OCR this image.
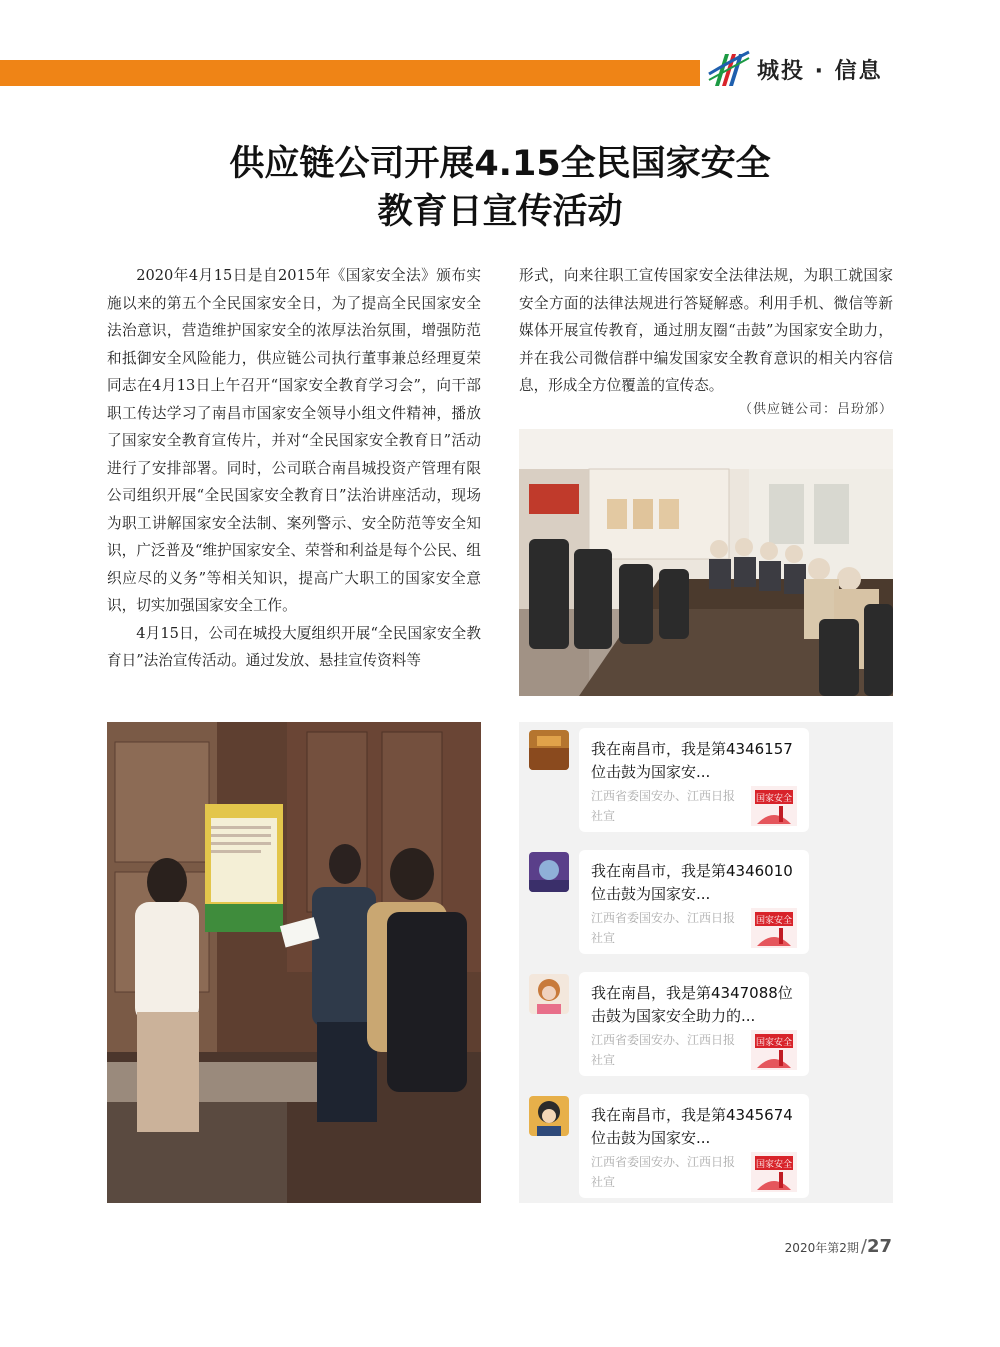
城投 · 信息
供应链公司开展4.15全民国家安全
教育日宣传活动

2020年4月15日是自2015年《国家安全法》颁布实施以来的第五个全民国家安全日，为了提高全民国家安全法治意识，营造维护国家安全的浓厚法治氛围，增强防范和抵御安全风险能力，供应链公司执行董事兼总经理夏荣同志在4月13日上午召开“国家安全教育学习会”，向干部职工传达学习了南昌市国家安全领导小组文件精神，播放了国家安全教育宣传片，并对“全民国家安全教育日”活动进行了安排部署。同时，公司联合南昌城投资产管理有限公司组织开展“全民国家安全教育日”法治讲座活动，现场为职工讲解国家安全法制、案列警示、安全防范等安全知识，广泛普及“维护国家安全、荣誉和利益是每个公民、组织应尽的义务”等相关知识，提高广大职工的国家安全意识，切实加强国家安全工作。

4月15日，公司在城投大厦组织开展“全民国家安全教育日”法治宣传活动。通过发放、悬挂宣传资料等

形式，向来往职工宣传国家安全法律法规，为职工就国家安全方面的法律法规进行答疑解惑。利用手机、微信等新媒体开展宣传教育，通过朋友圈“击鼓”为国家安全助力，并在我公司微信群中编发国家安全教育意识的相关内容信息，形成全方位覆盖的宣传态。

（供应链公司：吕玢邠）
我在南昌市，我是第4346157位击鼓为国家安...
江西省委国安办、江西日报社宣
国家安全
我在南昌市，我是第4346010位击鼓为国家安...
江西省委国安办、江西日报社宣
国家安全
我在南昌，我是第4347088位击鼓为国家安全助力的...
江西省委国安办、江西日报社宣
国家安全
我在南昌市，我是第4345674位击鼓为国家安...
江西省委国安办、江西日报社宣
国家安全
2020年第2期 /27
